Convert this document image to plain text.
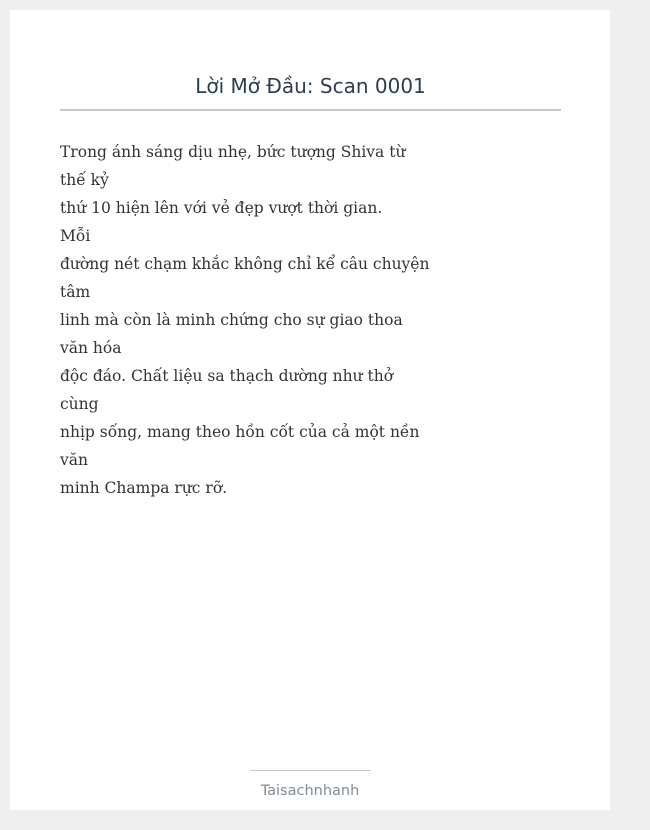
Lời Mở Đầu: Scan 0001
Trong ánh sáng dịu nhẹ, bức tượng Shiva từ
thế kỷ
thứ 10 hiện lên với vẻ đẹp vượt thời gian.
Mỗi
đường nét chạm khắc không chỉ kể câu chuyện
tâm
linh mà còn là minh chứng cho sự giao thoa
văn hóa
độc đáo. Chất liệu sa thạch dường như thở
cùng
nhịp sống, mang theo hồn cốt của cả một nền
văn
minh Champa rực rỡ.
Taisachnhanh
